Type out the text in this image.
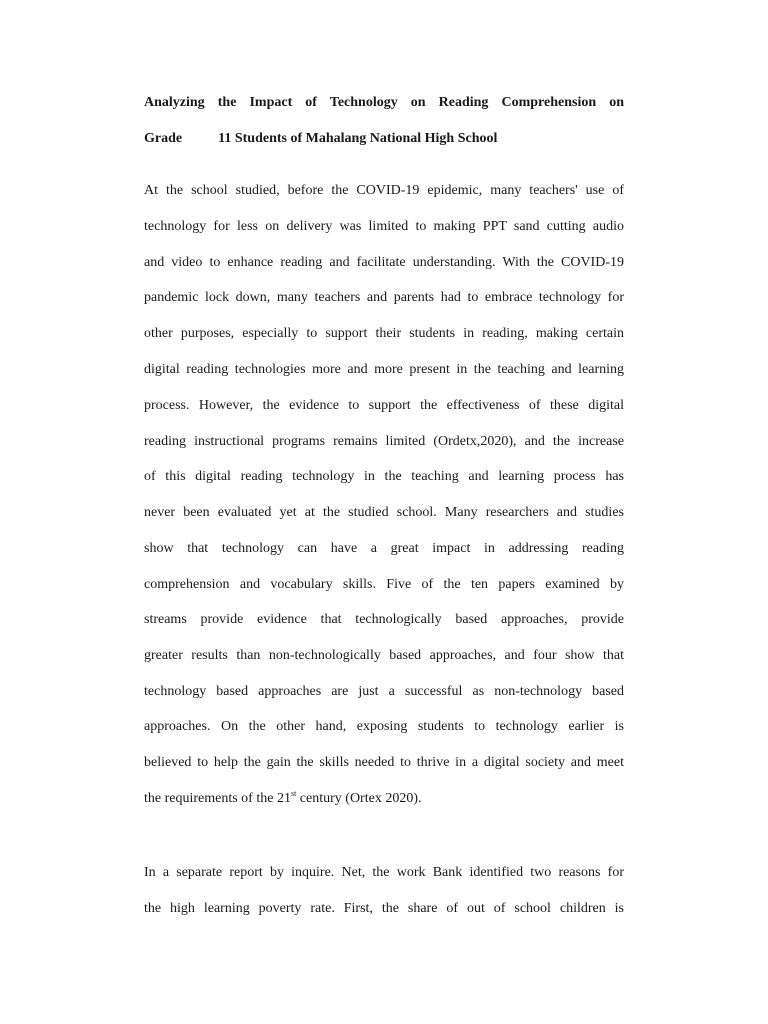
Analyzing the Impact of Technology on Reading Comprehension on
Grade	11 Students of Mahalang National High School
At the school studied, before the COVID-19 epidemic, many teachers' use of
technology for less on delivery was limited to making PPT sand cutting audio
and video to enhance reading and facilitate understanding. With the COVID-19
pandemic lock down, many teachers and parents had to embrace technology for
other purposes, especially to support their students in reading, making certain
digital reading technologies more and more present in the teaching and learning
process. However, the evidence to support the effectiveness of these digital
reading instructional programs remains limited (Ordetx,2020), and the increase
of this digital reading technology in the teaching and learning process has
never been evaluated yet at the studied school. Many researchers and studies
show that technology can have a great impact in addressing reading
comprehension and vocabulary skills. Five of the ten papers examined by
streams provide evidence that technologically based approaches, provide
greater results than non-technologically based approaches, and four show that
technology based approaches are just a successful as non-technology based
approaches. On the other hand, exposing students to technology earlier is
believed to help the gain the skills needed to thrive in a digital society and meet
the requirements of the 21st century (Ortex 2020).
In a separate report by inquire. Net, the work Bank identified two reasons for
the high learning poverty rate. First, the share of out of school children is
